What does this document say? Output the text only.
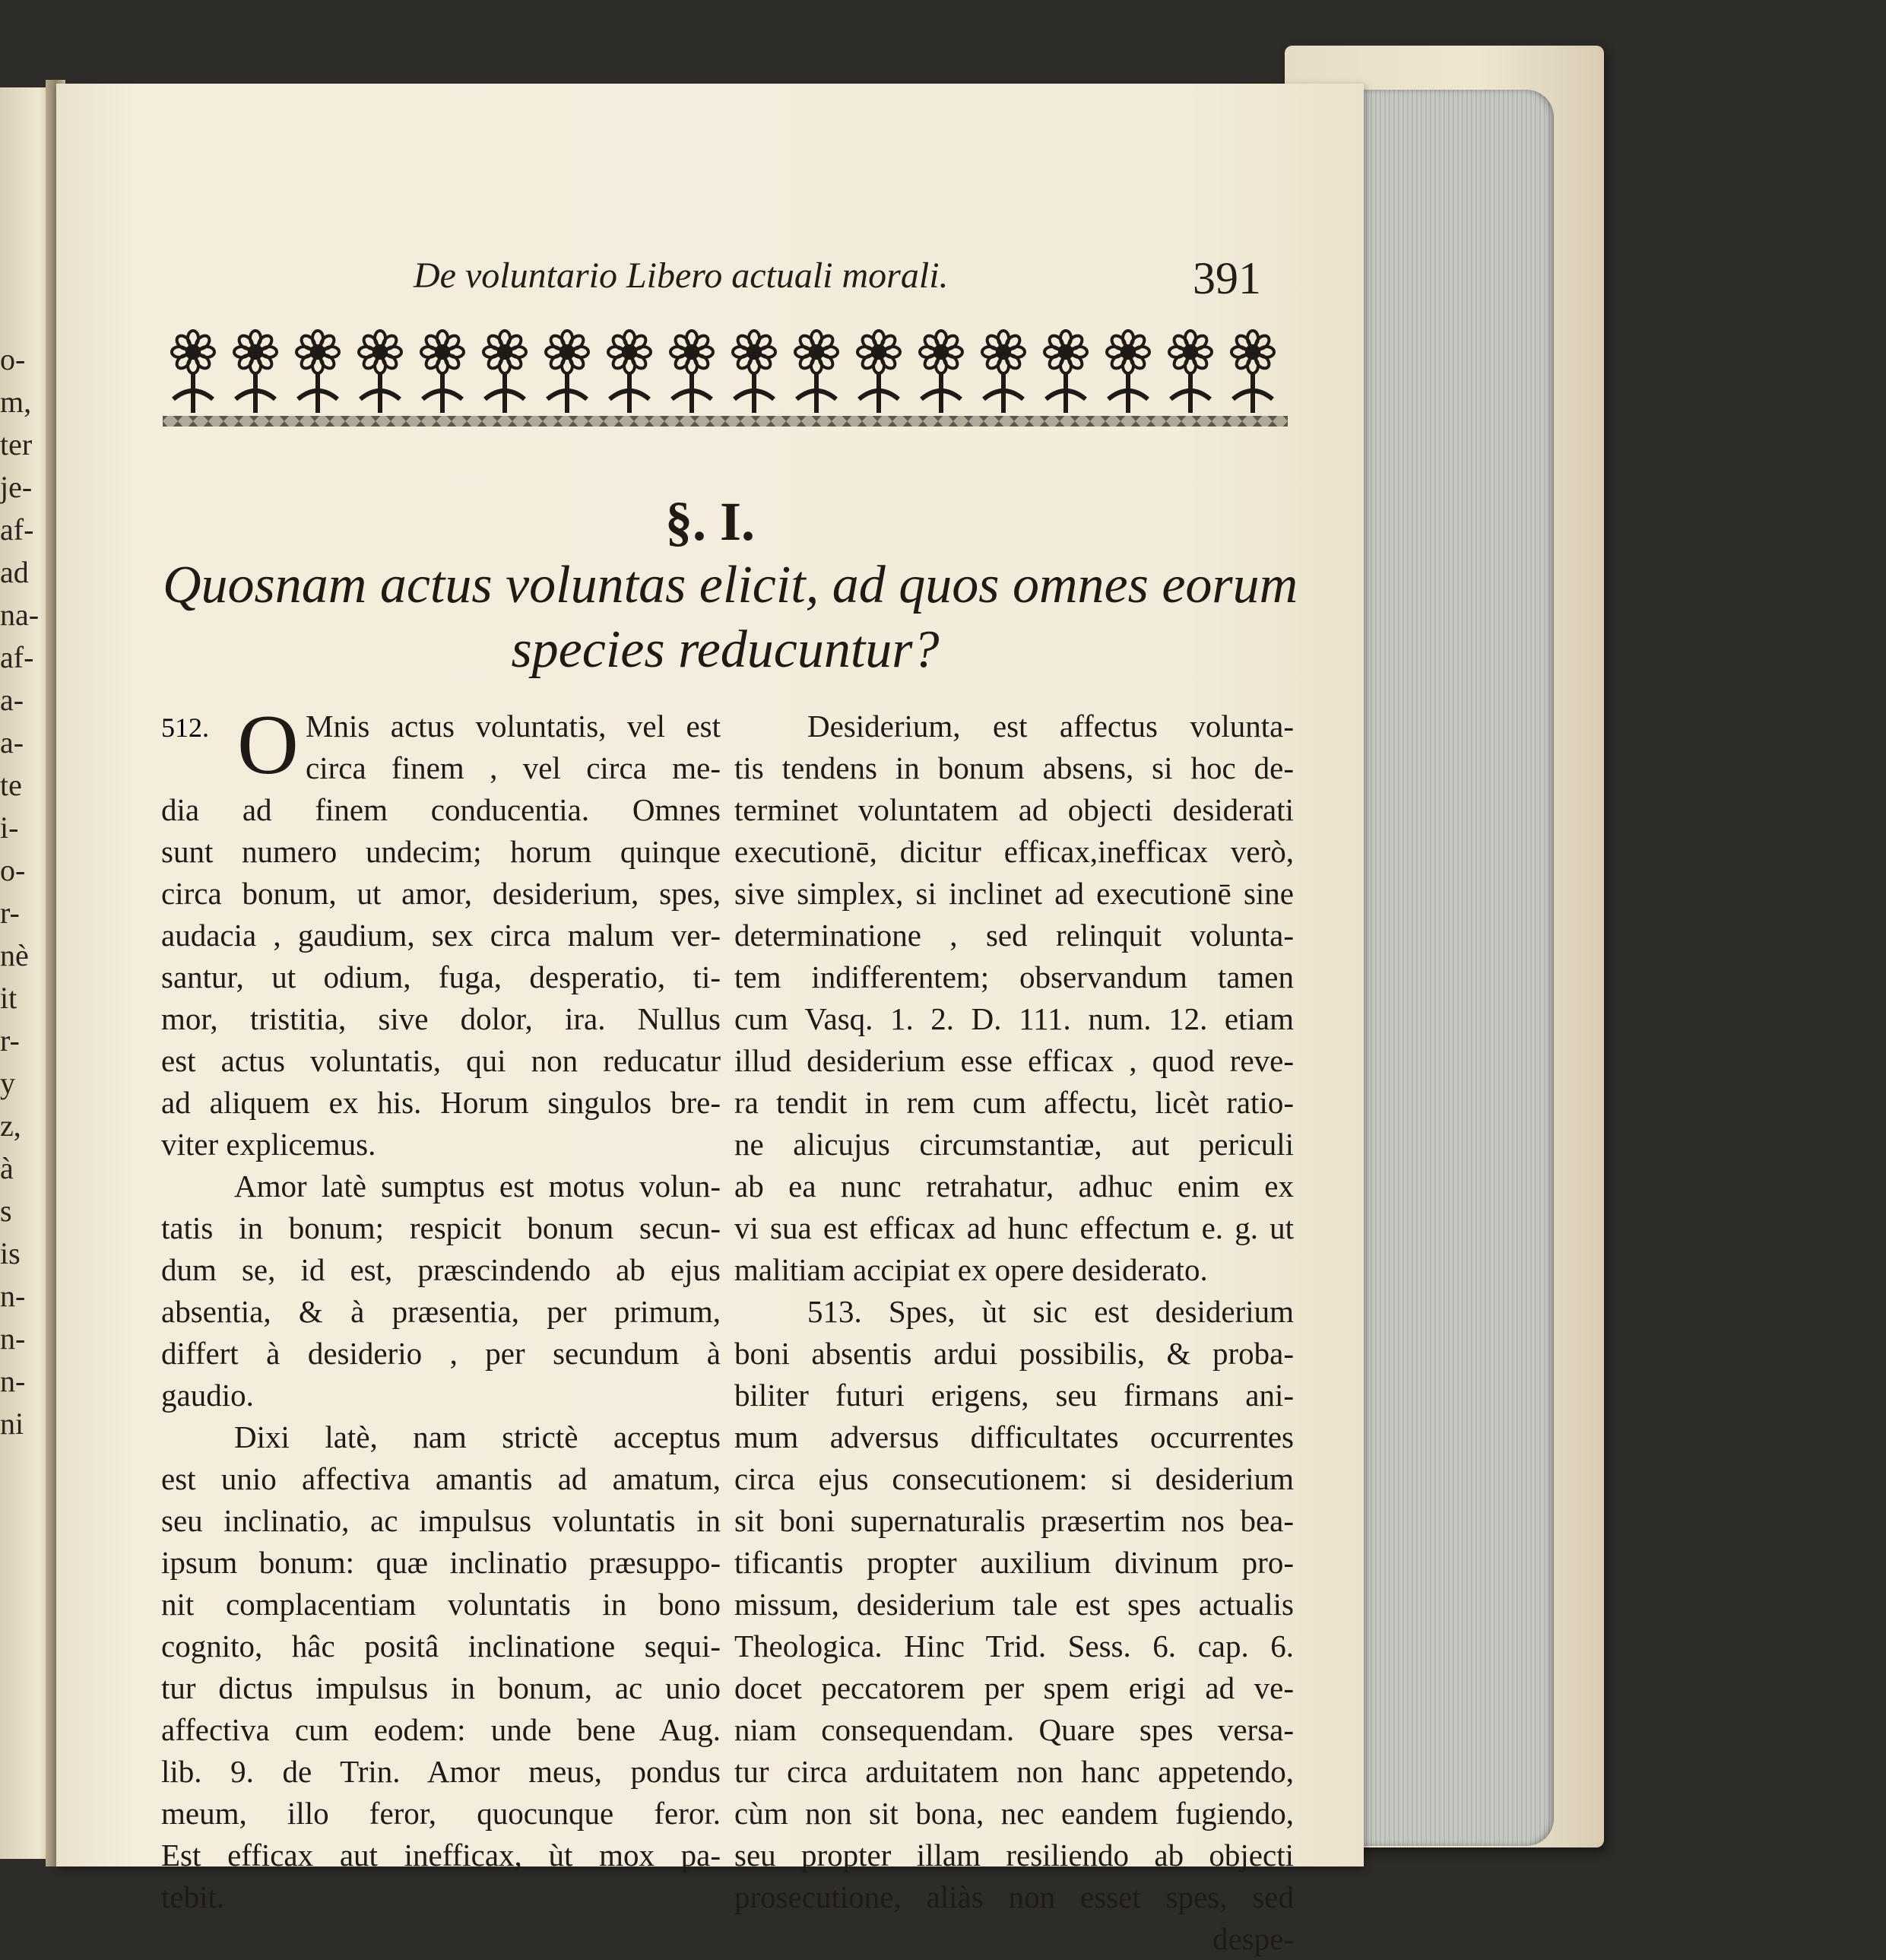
o-
m,
ter
je-
af-
ad
na-
af-
a-
a-
te
i-
o-
r-
nè
it
r-
y
z,
à
s
is
n-
n-
n-
ni
De voluntario Libero actuali morali.	391
§. I.
Quosnam actus voluntas elicit, ad quos omnes eorum
species reducuntur?
512. O Mnis actus voluntatis, vel est
circa finem , vel circa me-
dia ad finem conducentia. Omnes
sunt numero undecim; horum quinque
circa bonum, ut amor, desiderium, spes,
audacia , gaudium, sex circa malum ver-
santur, ut odium, fuga, desperatio, ti-
mor, tristitia, sive dolor, ira. Nullus
est actus voluntatis, qui non reducatur
ad aliquem ex his. Horum singulos bre-
viter explicemus.
Amor latè sumptus est motus volun-
tatis in bonum; respicit bonum secun-
dum se, id est, præscindendo ab ejus
absentia, & à præsentia, per primum,
differt à desiderio , per secundum à
gaudio.
Dixi latè, nam strictè acceptus
est unio affectiva amantis ad amatum,
seu inclinatio, ac impulsus voluntatis in
ipsum bonum: quæ inclinatio præsuppo-
nit complacentiam voluntatis in bono
cognito, hâc positâ inclinatione sequi-
tur dictus impulsus in bonum, ac unio
affectiva cum eodem: unde bene Aug.
lib. 9. de Trin. Amor meus, pondus
meum, illo feror, quocunque feror.
Est efficax aut inefficax, ùt mox pa-
tebit.
Desiderium, est affectus volunta-
tis tendens in bonum absens, si hoc de-
terminet voluntatem ad objecti desiderati
executionē, dicitur efficax,inefficax verò,
sive simplex, si inclinet ad executionē sine
determinatione , sed relinquit volunta-
tem indifferentem; observandum tamen
cum Vasq. 1. 2. D. 111. num. 12. etiam
illud desiderium esse efficax , quod reve-
ra tendit in rem cum affectu, licèt ratio-
ne alicujus circumstantiæ, aut periculi
ab ea nunc retrahatur, adhuc enim ex
vi sua est efficax ad hunc effectum e. g. ut
malitiam accipiat ex opere desiderato.
513. Spes, ùt sic est desiderium
boni absentis ardui possibilis, & proba-
biliter futuri erigens, seu firmans ani-
mum adversus difficultates occurrentes
circa ejus consecutionem: si desiderium
sit boni supernaturalis præsertim nos bea-
tificantis propter auxilium divinum pro-
missum, desiderium tale est spes actualis
Theologica. Hinc Trid. Sess. 6. cap. 6.
docet peccatorem per spem erigi ad ve-
niam consequendam. Quare spes versa-
tur circa arduitatem non hanc appetendo,
cùm non sit bona, nec eandem fugiendo,
seu propter illam resiliendo ab objecti
prosecutione, aliàs non esset spes, sed
despe-
